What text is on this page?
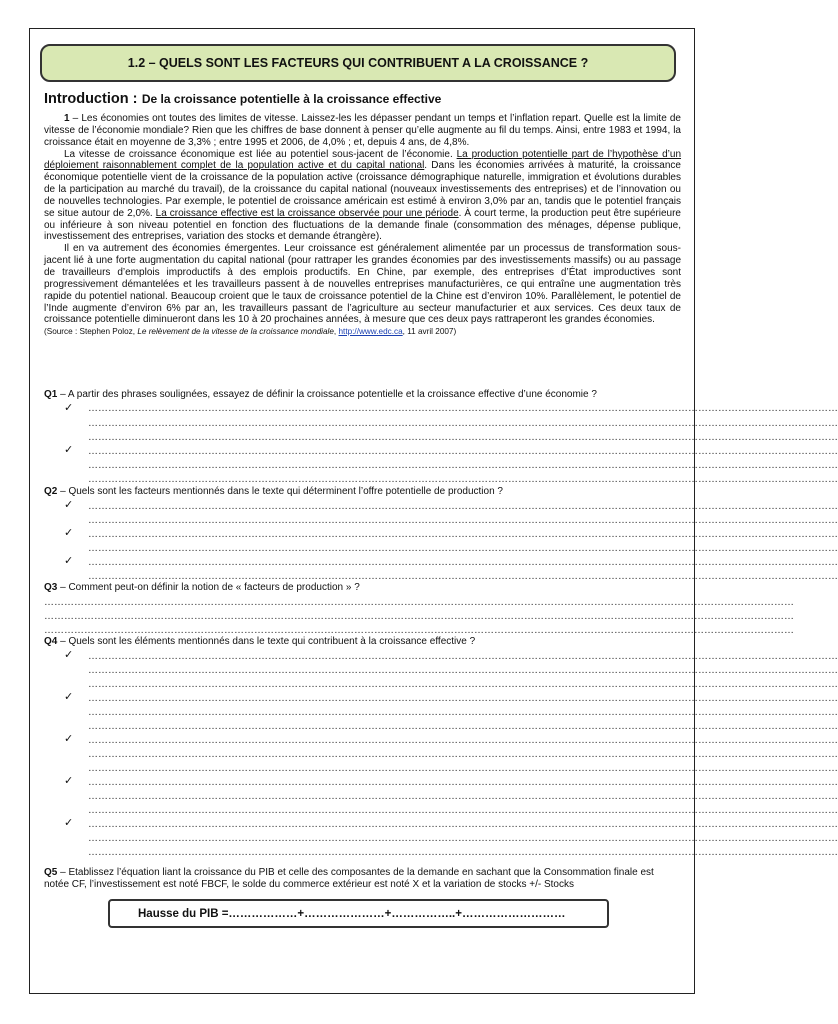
1.2 – QUELS SONT LES FACTEURS QUI CONTRIBUENT A LA CROISSANCE ?
Introduction : De la croissance potentielle à la croissance effective

1 – Les économies ont toutes des limites de vitesse. Laissez-les les dépasser pendant un temps et l’inflation repart. Quelle est la limite de vitesse de l’économie mondiale? Rien que les chiffres de base donnent à penser qu’elle augmente au fil du temps. Ainsi, entre 1983 et 1994, la croissance était en moyenne de 3,3% ; entre 1995 et 2006, de 4,0% ; et, depuis 4 ans, de 4,8%.

La vitesse de croissance économique est liée au potentiel sous-jacent de l’économie. La production potentielle part de l’hypothèse d’un déploiement raisonnablement complet de la population active et du capital national. Dans les économies arrivées à maturité, la croissance économique potentielle vient de la croissance de la population active (croissance démographique naturelle, immigration et évolutions durables de la participation au marché du travail), de la croissance du capital national (nouveaux investissements des entreprises) et de l’innovation ou de nouvelles technologies. Par exemple, le potentiel de croissance américain est estimé à environ 3,0% par an, tandis que le potentiel français se situe autour de 2,0%. La croissance effective est la croissance observée pour une période. À court terme, la production peut être supérieure ou inférieure à son niveau potentiel en fonction des fluctuations de la demande finale (consommation des ménages, dépense publique, investissement des entreprises, variation des stocks et demande étrangère).

Il en va autrement des économies émergentes. Leur croissance est généralement alimentée par un processus de transformation sous-jacent lié à une forte augmentation du capital national (pour rattraper les grandes économies par des investissements massifs) ou au passage de travailleurs d’emplois improductifs à des emplois productifs. En Chine, par exemple, des entreprises d’État improductives sont progressivement démantelées et les travailleurs passent à de nouvelles entreprises manufacturières, ce qui entraîne une augmentation très rapide du potentiel national. Beaucoup croient que le taux de croissance potentiel de la Chine est d’environ 10%. Parallèlement, le potentiel de l’Inde augmente d’environ 6% par an, les travailleurs passant de l’agriculture au secteur manufacturier et aux services. Ces deux taux de croissance potentielle diminueront dans les 10 à 20 prochaines années, à mesure que ces deux pays rattraperont les grandes économies.

(Source : Stephen Poloz, Le relèvement de la vitesse de la croissance mondiale, http://www.edc.ca, 11 avril 2007)

Q1 – A partir des phrases soulignées, essayez de définir la croissance potentielle et la croissance effective d’une économie ?
✓ ………………………………………………………………………………………………………………………………………………………………………………………………………
………………………………………………………………………………………………………………………………………………………………………………………………………
………………………………………………………………………………………………………………………………………………………………………………………………………
✓ ………………………………………………………………………………………………………………………………………………………………………………………………………
………………………………………………………………………………………………………………………………………………………………………………………………………
………………………………………………………………………………………………………………………………………………………………………………………………………
Q2 – Quels sont les facteurs mentionnés dans le texte qui déterminent l’offre potentielle de production ?
✓ ………………………………………………………………………………………………………………………………………………………………………………………………………
………………………………………………………………………………………………………………………………………………………………………………………………………
✓ ………………………………………………………………………………………………………………………………………………………………………………………………………
………………………………………………………………………………………………………………………………………………………………………………………………………
✓ ………………………………………………………………………………………………………………………………………………………………………………………………………
………………………………………………………………………………………………………………………………………………………………………………………………………
Q3 – Comment peut-on définir la notion de « facteurs de production » ?
………………………………………………………………………………………………………………………………………………………………………………………………………
………………………………………………………………………………………………………………………………………………………………………………………………………
………………………………………………………………………………………………………………………………………………………………………………………………………
Q4 – Quels sont les éléments mentionnés dans le texte qui contribuent à la croissance effective ?
✓ ………………………………………………………………………………………………………………………………………………………………………………………………………
………………………………………………………………………………………………………………………………………………………………………………………………………
………………………………………………………………………………………………………………………………………………………………………………………………………
✓ ………………………………………………………………………………………………………………………………………………………………………………………………………
………………………………………………………………………………………………………………………………………………………………………………………………………
………………………………………………………………………………………………………………………………………………………………………………………………………
✓ ………………………………………………………………………………………………………………………………………………………………………………………………………
………………………………………………………………………………………………………………………………………………………………………………………………………
………………………………………………………………………………………………………………………………………………………………………………………………………
✓ ………………………………………………………………………………………………………………………………………………………………………………………………………
………………………………………………………………………………………………………………………………………………………………………………………………………
………………………………………………………………………………………………………………………………………………………………………………………………………
✓ ………………………………………………………………………………………………………………………………………………………………………………………………………
………………………………………………………………………………………………………………………………………………………………………………………………………
………………………………………………………………………………………………………………………………………………………………………………………………………
Q5 – Etablissez l’équation liant la croissance du PIB et celle des composantes de la demande en sachant que la Consommation finale est notée CF, l’investissement est noté FBCF, le solde du commerce extérieur est noté X et la variation de stocks +/- Stocks
Hausse du PIB =………………+…………………+……………..+………………………
